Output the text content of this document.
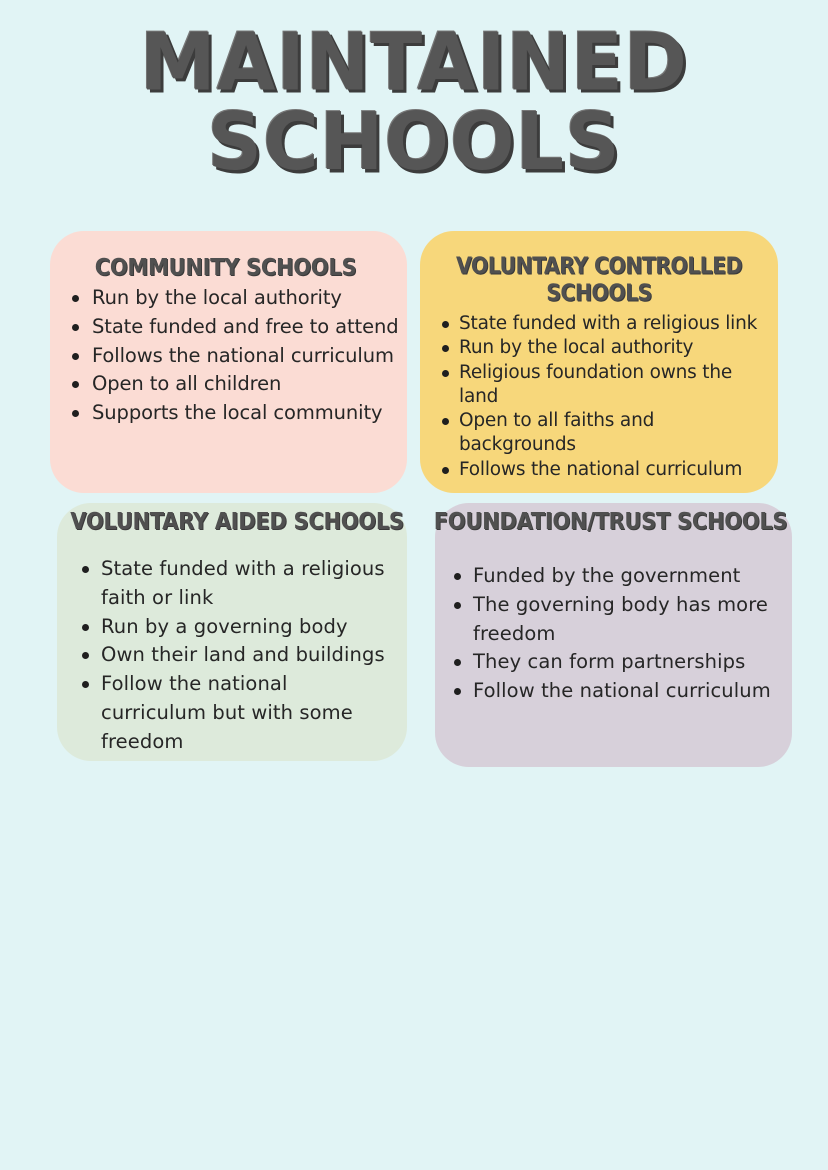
MAINTAINED SCHOOLS
COMMUNITY SCHOOLS
Run by the local authority
State funded and free to attend
Follows the national curriculum
Open to all children
Supports the local community
VOLUNTARY CONTROLLED SCHOOLS
State funded with a religious link
Run by the local authority
Religious foundation owns the land
Open to all faiths and backgrounds
Follows the national curriculum
VOLUNTARY AIDED SCHOOLS
State funded with a religious faith or link
Run by a governing body
Own their land and buildings
Follow the national curriculum but with some freedom
FOUNDATION/TRUST SCHOOLS
Funded by the government
The governing body has more freedom
They can form partnerships
Follow the national curriculum
